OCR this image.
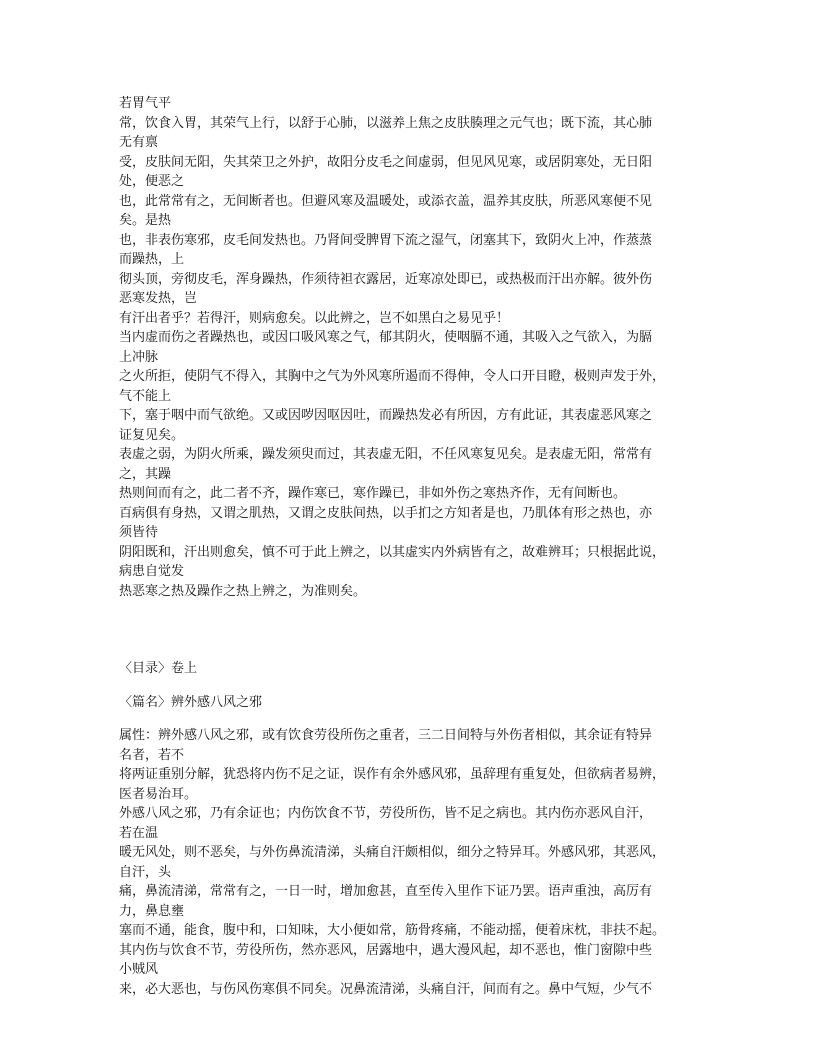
若胃气平
常，饮食入胃，其荣气上行，以舒于心肺，以滋养上焦之皮肤腠理之元气也；既下流，其心肺
无有禀
受，皮肤间无阳，失其荣卫之外护，故阳分皮毛之间虚弱，但见风见寒，或居阴寒处，无日阳
处，便恶之
也，此常常有之，无间断者也。但避风寒及温暖处，或添衣盖，温养其皮肤，所恶风寒便不见
矣。是热
也，非表伤寒邪，皮毛间发热也。乃肾间受脾胃下流之湿气，闭塞其下，致阴火上冲，作蒸蒸
而躁热，上
彻头顶，旁彻皮毛，浑身躁热，作须待袒衣露居，近寒凉处即已，或热极而汗出亦解。彼外伤
恶寒发热，岂
有汗出者乎？若得汗，则病愈矣。以此辨之，岂不如黑白之易见乎！
当内虚而伤之者躁热也，或因口吸风寒之气，郁其阴火，使咽膈不通，其吸入之气欲入，为膈
上冲脉
之火所拒，使阴气不得入，其胸中之气为外风寒所遏而不得伸，令人口开目瞪，极则声发于外，
气不能上
下，塞于咽中而气欲绝。又或因哕因呕因吐，而躁热发必有所因，方有此证，其表虚恶风寒之
证复见矣。
表虚之弱，为阴火所乘，躁发须臾而过，其表虚无阳，不任风寒复见矣。是表虚无阳，常常有
之，其躁
热则间而有之，此二者不齐，躁作寒已，寒作躁已，非如外伤之寒热齐作，无有间断也。
百病俱有身热，又谓之肌热，又谓之皮肤间热，以手扪之方知者是也，乃肌体有形之热也，亦
须皆待
阴阳既和，汗出则愈矣，慎不可于此上辨之，以其虚实内外病皆有之，故难辨耳；只根据此说，
病患自觉发
热恶寒之热及躁作之热上辨之，为准则矣。
〈目录〉卷上
〈篇名〉辨外感八风之邪
属性：辨外感八风之邪，或有饮食劳役所伤之重者，三二日间特与外伤者相似，其余证有特异
名者，若不
将两证重别分解，犹恐将内伤不足之证，误作有余外感风邪，虽辞理有重复处，但欲病者易辨，
医者易治耳。
外感八风之邪，乃有余证也；内伤饮食不节，劳役所伤，皆不足之病也。其内伤亦恶风自汗，
若在温
暖无风处，则不恶矣，与外伤鼻流清涕，头痛自汗颇相似，细分之特异耳。外感风邪，其恶风，
自汗，头
痛，鼻流清涕，常常有之，一日一时，增加愈甚，直至传入里作下证乃罢。语声重浊，高厉有
力，鼻息壅
塞而不通，能食，腹中和，口知味，大小便如常，筋骨疼痛，不能动摇，便着床枕，非扶不起。
其内伤与饮食不节，劳役所伤，然亦恶风，居露地中，遇大漫风起，却不恶也，惟门窗隙中些
小贼风
来，必大恶也，与伤风伤寒俱不同矣。况鼻流清涕，头痛自汗，间而有之。鼻中气短，少气不
